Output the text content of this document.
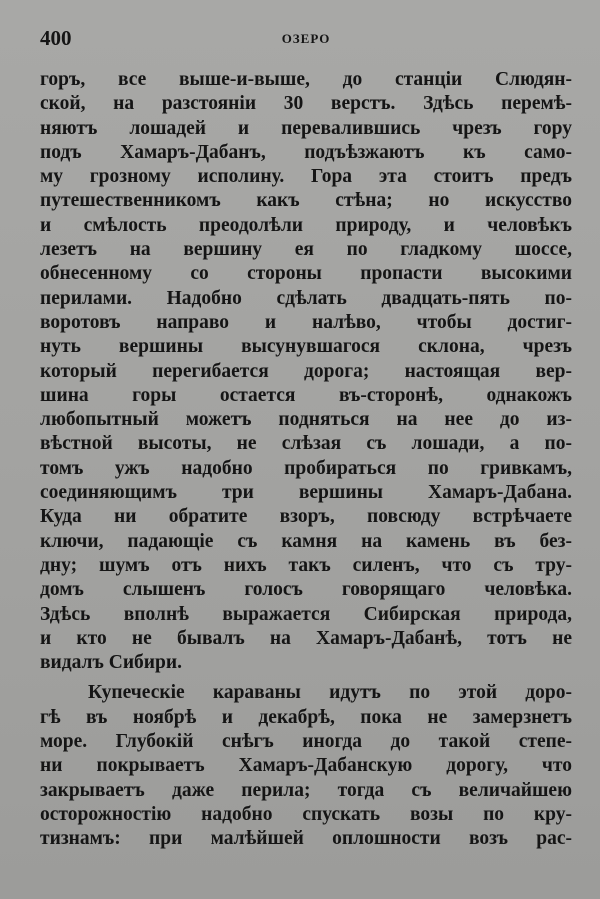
400	ОЗЕРО
горъ, все выше-и-выше, до станціи Слюдян-
ской, на разстояніи 30 верстъ. Здѣсь перемѣ-
няютъ лошадей и перевалившись чрезъ гору
подъ Хамаръ-Дабанъ, подъѣзжаютъ къ само-
му грозному исполину. Гора эта стоитъ предъ
путешественникомъ какъ стѣна; но искусство
и смѣлость преодолѣли природу, и человѣкъ
лезетъ на вершину ея по гладкому шоссе,
обнесенному со стороны пропасти высокими
перилами. Надобно сдѣлать двадцать-пять по-
воротовъ направо и налѣво, чтобы достиг-
нуть вершины высунувшагося склона, чрезъ
который перегибается дорога; настоящая вер-
шина горы остается въ-сторонѣ, однакожъ
любопытный можетъ подняться на нее до из-
вѣстной высоты, не слѣзая съ лошади, а по-
томъ ужъ надобно пробираться по гривкамъ,
соединяющимъ три вершины Хамаръ-Дабана.
Куда ни обратите взоръ, повсюду встрѣчаете
ключи, падающіе съ камня на камень въ без-
дну; шумъ отъ нихъ такъ силенъ, что съ тру-
домъ слышенъ голосъ говорящаго человѣка.
Здѣсь вполнѣ выражается Сибирская природа,
и кто не бывалъ на Хамаръ-Дабанѣ, тотъ не
видалъ Сибири.
Купеческіе караваны идутъ по этой доро-
гѣ въ ноябрѣ и декабрѣ, пока не замерзнетъ
море. Глубокій снѣгъ иногда до такой степе-
ни покрываетъ Хамаръ-Дабанскую дорогу, что
закрываетъ даже перила; тогда съ величайшею
осторожностію надобно спускать возы по кру-
тизнамъ: при малѣйшей оплошности возъ рас-
